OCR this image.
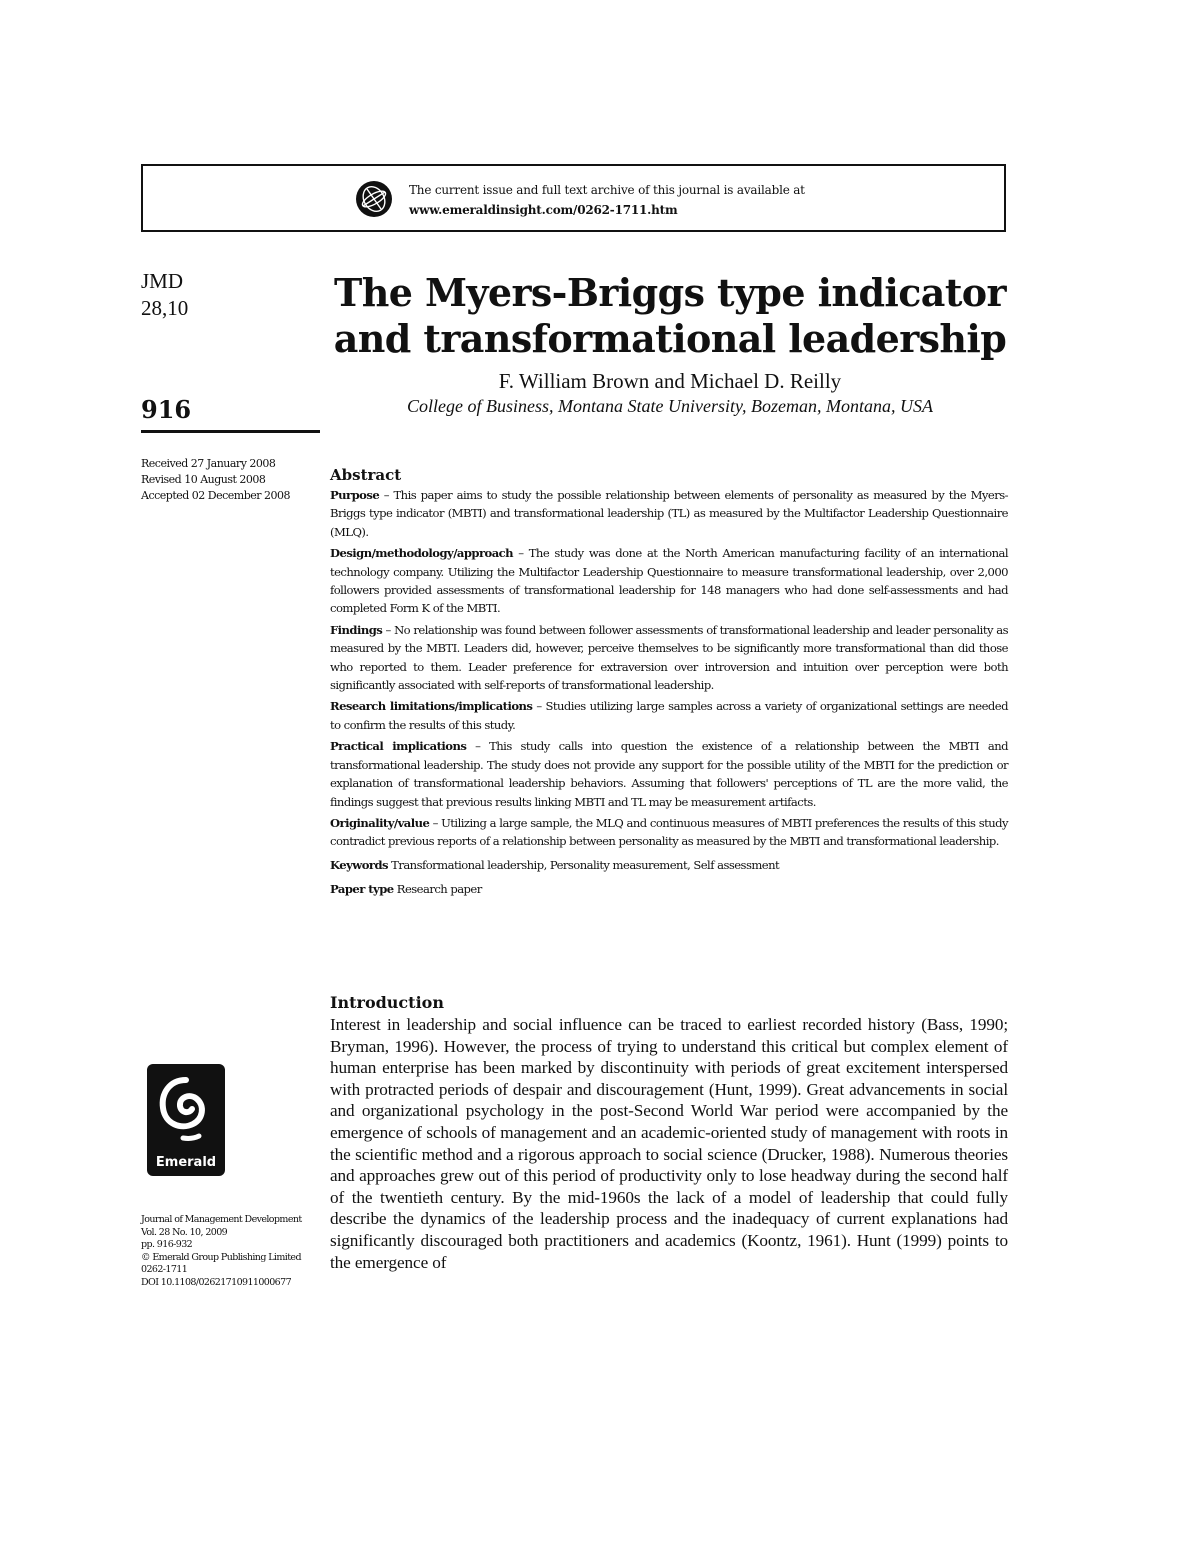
The current issue and full text archive of this journal is available at
www.emeraldinsight.com/0262-1711.htm
JMD
28,10
916
The Myers-Briggs type indicator
and transformational leadership
F. William Brown and Michael D. Reilly
College of Business, Montana State University, Bozeman, Montana, USA
Received 27 January 2008
Revised 10 August 2008
Accepted 02 December 2008
Abstract

Purpose – This paper aims to study the possible relationship between elements of personality as measured by the Myers-Briggs type indicator (MBTI) and transformational leadership (TL) as measured by the Multifactor Leadership Questionnaire (MLQ).

Design/methodology/approach – The study was done at the North American manufacturing facility of an international technology company. Utilizing the Multifactor Leadership Questionnaire to measure transformational leadership, over 2,000 followers provided assessments of transformational leadership for 148 managers who had done self-assessments and had completed Form K of the MBTI.

Findings – No relationship was found between follower assessments of transformational leadership and leader personality as measured by the MBTI. Leaders did, however, perceive themselves to be significantly more transformational than did those who reported to them. Leader preference for extraversion over introversion and intuition over perception were both significantly associated with self-reports of transformational leadership.

Research limitations/implications – Studies utilizing large samples across a variety of organizational settings are needed to confirm the results of this study.

Practical implications – This study calls into question the existence of a relationship between the MBTI and transformational leadership. The study does not provide any support for the possible utility of the MBTI for the prediction or explanation of transformational leadership behaviors. Assuming that followers' perceptions of TL are the more valid, the findings suggest that previous results linking MBTI and TL may be measurement artifacts.

Originality/value – Utilizing a large sample, the MLQ and continuous measures of MBTI preferences the results of this study contradict previous reports of a relationship between personality as measured by the MBTI and transformational leadership.

Keywords Transformational leadership, Personality measurement, Self assessment

Paper type Research paper

Introduction

Interest in leadership and social influence can be traced to earliest recorded history (Bass, 1990; Bryman, 1996). However, the process of trying to understand this critical but complex element of human enterprise has been marked by discontinuity with periods of great excitement interspersed with protracted periods of despair and discouragement (Hunt, 1999). Great advancements in social and organizational psychology in the post-Second World War period were accompanied by the emergence of schools of management and an academic-oriented study of management with roots in the scientific method and a rigorous approach to social science (Drucker, 1988). Numerous theories and approaches grew out of this period of productivity only to lose headway during the second half of the twentieth century. By the mid-1960s the lack of a model of leadership that could fully describe the dynamics of the leadership process and the inadequacy of current explanations had significantly discouraged both practitioners and academics (Koontz, 1961). Hunt (1999) points to the emergence of

Emerald
Journal of Management Development
Vol. 28 No. 10, 2009
pp. 916-932
© Emerald Group Publishing Limited
0262-1711
DOI 10.1108/02621710911000677
